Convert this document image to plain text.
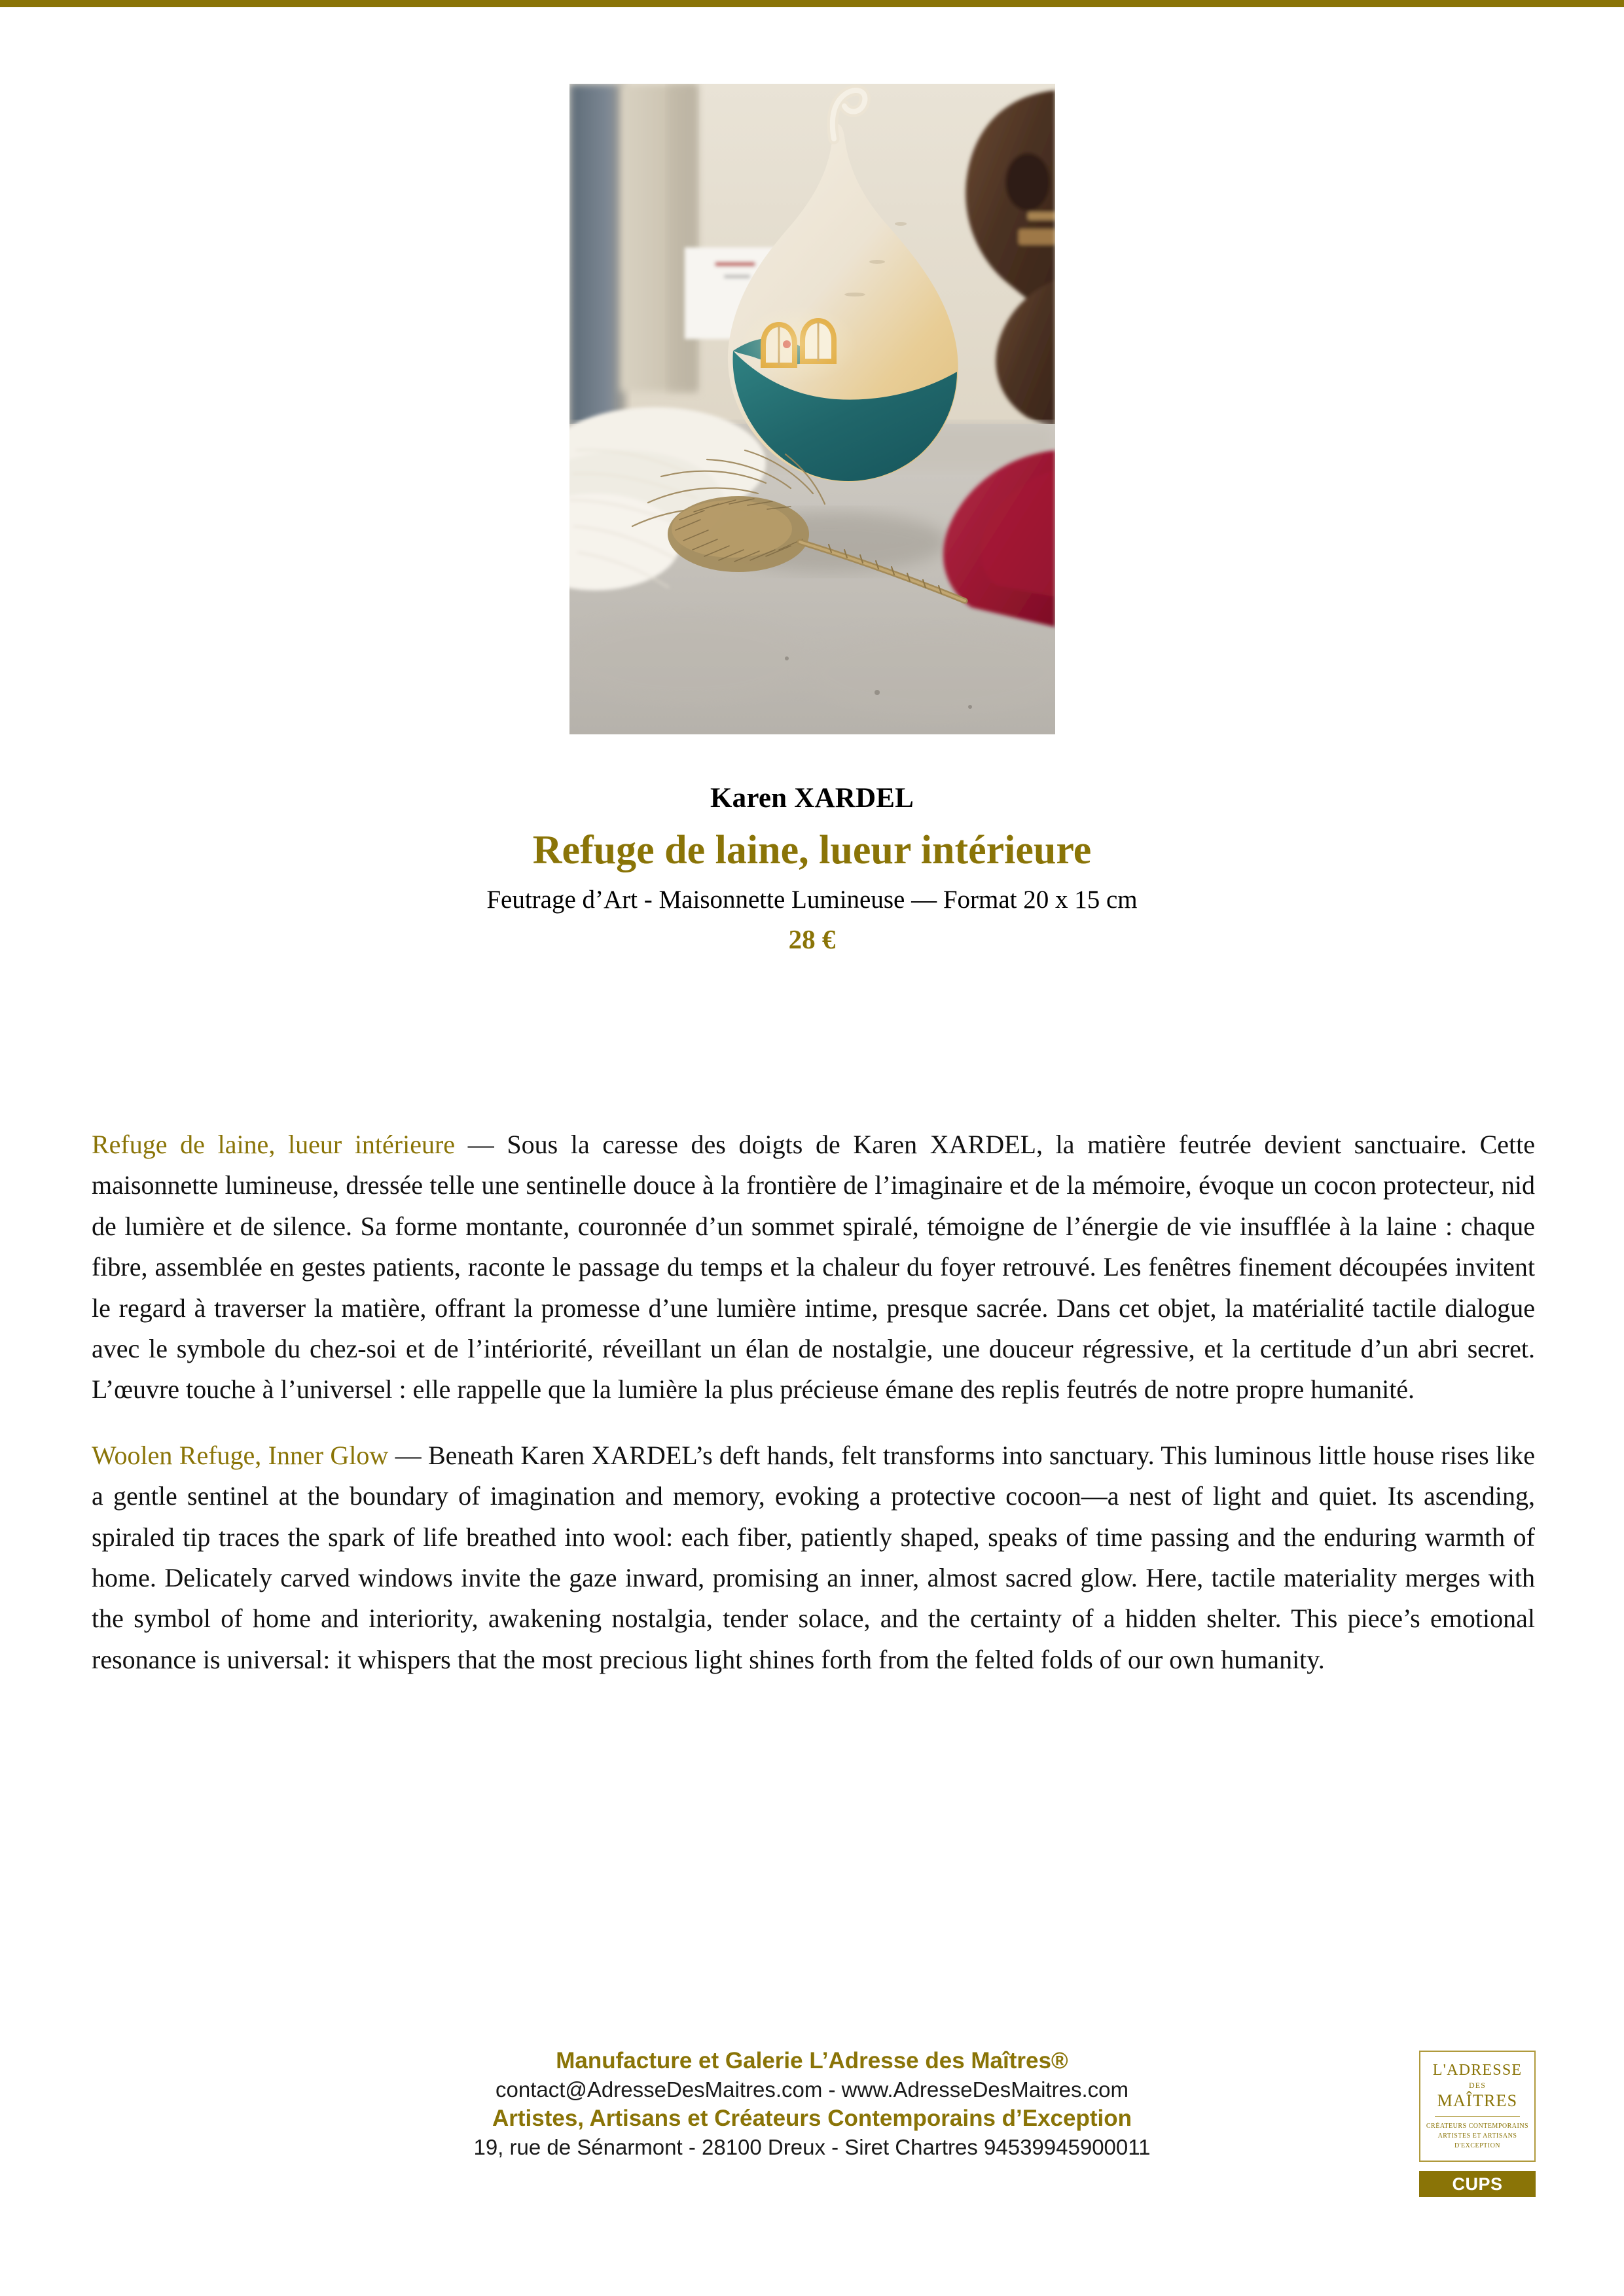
Karen XARDEL
Refuge de laine, lueur intérieure
Feutrage d’Art - Maisonnette Lumineuse — Format 20 x 15 cm
28 €

Refuge de laine, lueur intérieure — Sous la caresse des doigts de Karen XARDEL, la matière feutrée devient sanctuaire. Cette maisonnette lumineuse, dressée telle une sentinelle douce à la frontière de l’imaginaire et de la mémoire, évoque un cocon protecteur, nid de lumière et de silence. Sa forme montante, couronnée d’un sommet spiralé, témoigne de l’énergie de vie insufflée à la laine : chaque fibre, assemblée en gestes patients, raconte le passage du temps et la chaleur du foyer retrouvé. Les fenêtres finement découpées invitent le regard à traverser la matière, offrant la promesse d’une lumière intime, presque sacrée. Dans cet objet, la matérialité tactile dialogue avec le symbole du chez-soi et de l’intériorité, réveillant un élan de nostalgie, une douceur régressive, et la certitude d’un abri secret. L’œuvre touche à l’universel : elle rappelle que la lumière la plus précieuse émane des replis feutrés de notre propre humanité.

Woolen Refuge, Inner Glow — Beneath Karen XARDEL’s deft hands, felt transforms into sanctuary. This luminous little house rises like a gentle sentinel at the boundary of imagination and memory, evoking a protective cocoon—a nest of light and quiet. Its ascending, spiraled tip traces the spark of life breathed into wool: each fiber, patiently shaped, speaks of time passing and the enduring warmth of home. Delicately carved windows invite the gaze inward, promising an inner, almost sacred glow. Here, tactile materiality merges with the symbol of home and interiority, awakening nostalgia, tender solace, and the certainty of a hidden shelter. This piece’s emotional resonance is universal: it whispers that the most precious light shines forth from the felted folds of our own humanity.

Manufacture et Galerie L’Adresse des Maîtres®
contact@AdresseDesMaitres.com - www.AdresseDesMaitres.com
Artistes, Artisans et Créateurs Contemporains d’Exception
19, rue de Sénarmont - 28100 Dreux - Siret Chartres 94539945900011
L'ADRESSE
DES
MAÎTRES
CRÉATEURS CONTEMPORAINS
ARTISTES ET ARTISANS
D'EXCEPTION
CUPS
